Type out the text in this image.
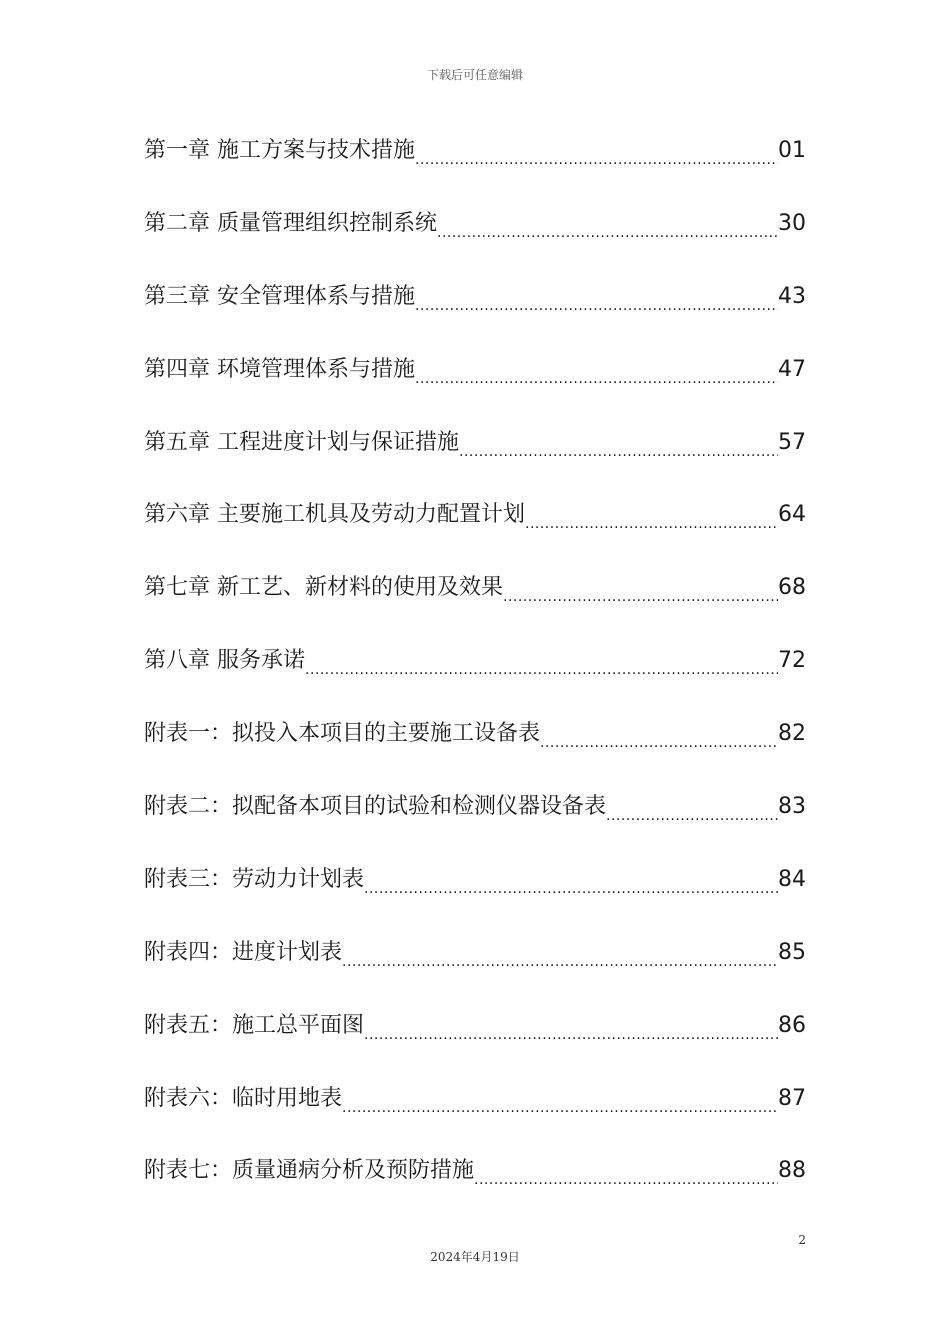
下载后可任意编辑
第一章 施工方案与技术措施 .....	01
第二章 质量管理组织控制系统 .....	30
第三章 安全管理体系与措施 .....	43
第四章 环境管理体系与措施 .....	47
第五章 工程进度计划与保证措施 .....	57
第六章 主要施工机具及劳动力配置计划 .....	64
第七章 新工艺、新材料的使用及效果 .....	68
第八章 服务承诺 .....	72
附表一：拟投入本项目的主要施工设备表 .....	82
附表二：拟配备本项目的试验和检测仪器设备表 .....	83
附表三：劳动力计划表 .....	84
附表四：进度计划表 .....	85
附表五：施工总平面图 .....	86
附表六：临时用地表 .....	87
附表七：质量通病分析及预防措施 .....	88
2
2024年4月19日
